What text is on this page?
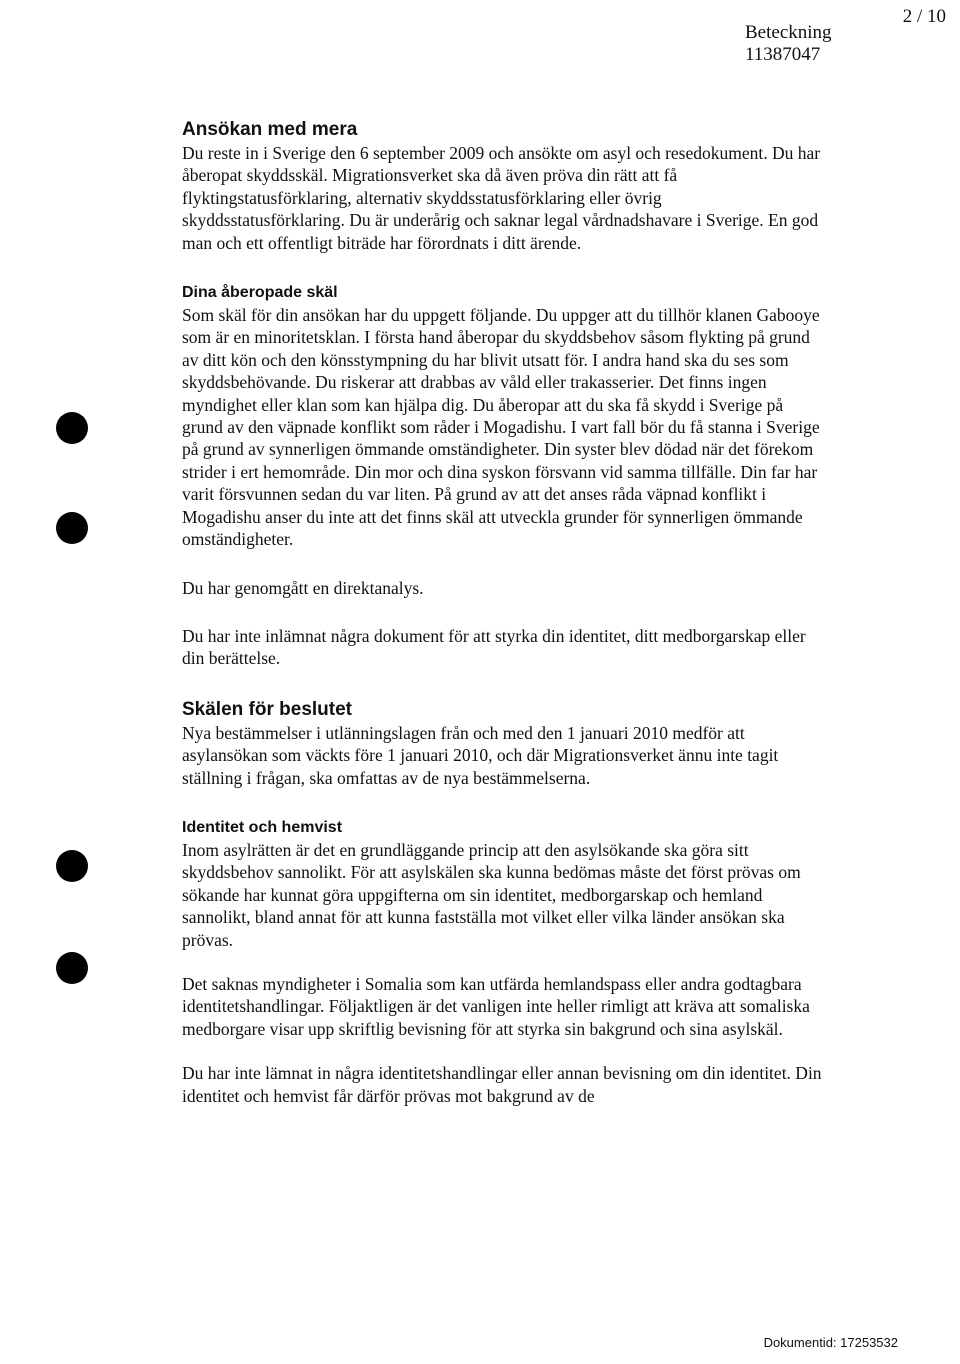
2 / 10
Beteckning
11387047
Ansökan med mera

Du reste in i Sverige den 6 september 2009 och ansökte om asyl och resedokument. Du har åberopat skyddsskäl. Migrationsverket ska då även pröva din rätt att få flyktingstatusförklaring, alternativ skyddsstatusförklaring eller övrig skyddsstatusförklaring. Du är underårig och saknar legal vårdnadshavare i Sverige. En god man och ett offentligt biträde har förordnats i ditt ärende.

Dina åberopade skäl

Som skäl för din ansökan har du uppgett följande. Du uppger att du tillhör klanen Gabooye som är en minoritetsklan. I första hand åberopar du skyddsbehov såsom flykting på grund av ditt kön och den könsstympning du har blivit utsatt för. I andra hand ska du ses som skyddsbehövande. Du riskerar att drabbas av våld eller trakasserier. Det finns ingen myndighet eller klan som kan hjälpa dig. Du åberopar att du ska få skydd i Sverige på grund av den väpnade konflikt som råder i Mogadishu. I vart fall bör du få stanna i Sverige på grund av synnerligen ömmande omständigheter. Din syster blev dödad när det förekom strider i ert hemområde. Din mor och dina syskon försvann vid samma tillfälle. Din far har varit försvunnen sedan du var liten. På grund av att det anses råda väpnad konflikt i Mogadishu anser du inte att det finns skäl att utveckla grunder för synnerligen ömmande omständigheter.

Du har genomgått en direktanalys.

Du har inte inlämnat några dokument för att styrka din identitet, ditt medborgarskap eller din berättelse.

Skälen för beslutet

Nya bestämmelser i utlänningslagen från och med den 1 januari 2010 medför att asylansökan som väckts före 1 januari 2010, och där Migrationsverket ännu inte tagit ställning i frågan, ska omfattas av de nya bestämmelserna.

Identitet och hemvist

Inom asylrätten är det en grundläggande princip att den asylsökande ska göra sitt skyddsbehov sannolikt. För att asylskälen ska kunna bedömas måste det först prövas om sökande har kunnat göra uppgifterna om sin identitet, medborgarskap och hemland sannolikt, bland annat för att kunna fastställa mot vilket eller vilka länder ansökan ska prövas.

Det saknas myndigheter i Somalia som kan utfärda hemlandspass eller andra godtagbara identitetshandlingar. Följaktligen är det vanligen inte heller rimligt att kräva att somaliska medborgare visar upp skriftlig bevisning för att styrka sin bakgrund och sina asylskäl.

Du har inte lämnat in några identitetshandlingar eller annan bevisning om din identitet. Din identitet och hemvist får därför prövas mot bakgrund av de

Dokumentid: 17253532
